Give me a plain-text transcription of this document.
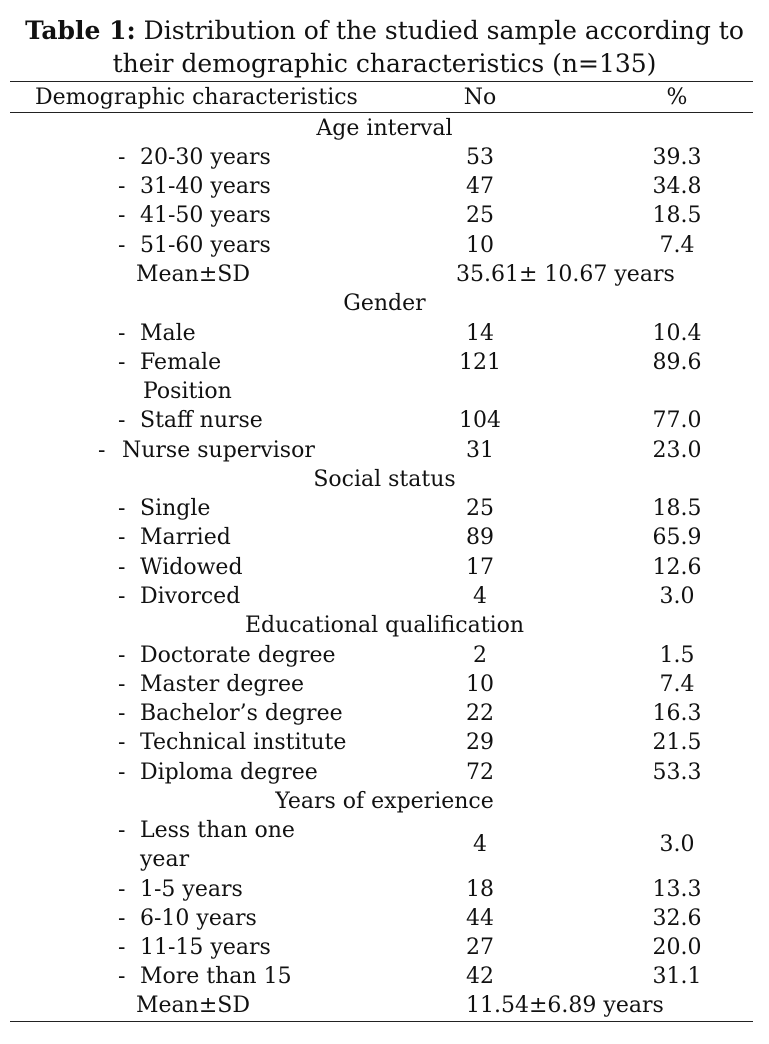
Table 1: Distribution of the studied sample according to
their demographic characteristics (n=135)
Demographic characteristics	No	%
Age interval
- 20-30 years	53	39.3
- 31-40 years	47	34.8
- 41-50 years	25	18.5
- 51-60 years	10	7.4
Mean±SD	35.61± 10.67 years
Gender
- Male	14	10.4
- Female	121	89.6
Position
- Staff nurse	104	77.0
- Nurse supervisor	31	23.0
Social status
- Single	25	18.5
- Married	89	65.9
- Widowed	17	12.6
- Divorced	4	3.0
Educational qualification
- Doctorate degree	2	1.5
- Master degree	10	7.4
- Bachelor’s degree	22	16.3
- Technical institute	29	21.5
- Diploma degree	72	53.3
Years of experience
- Less than one
year
4	3.0
- 1-5 years	18	13.3
- 6-10 years	44	32.6
- 11-15 years	27	20.0
- More than 15	42	31.1
Mean±SD	11.54±6.89 years
